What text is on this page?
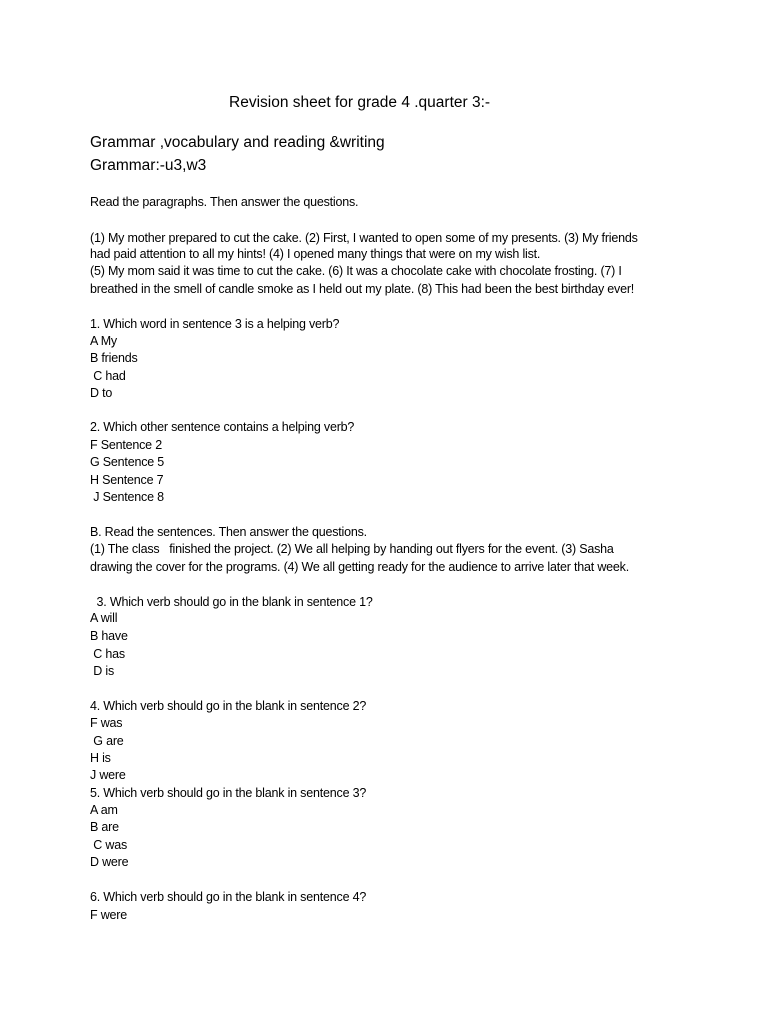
Revision sheet for grade 4 .quarter 3:-
Grammar ,vocabulary and reading &writing
Grammar:-u3,w3
Read the paragraphs. Then answer the questions.
(1) My mother prepared to cut the cake. (2) First, I wanted to open some of my presents. (3) My friends
had paid attention to all my hints! (4) I opened many things that were on my wish list.
(5) My mom said it was time to cut the cake. (6) It was a chocolate cake with chocolate frosting. (7) I
breathed in the smell of candle smoke as I held out my plate. (8) This had been the best birthday ever!
1. Which word in sentence 3 is a helping verb?
A My
B friends
C had
D to
2. Which other sentence contains a helping verb?
F Sentence 2
G Sentence 5
H Sentence 7
J Sentence 8
B. Read the sentences. Then answer the questions.
(1) The class   finished the project. (2) We all helping by handing out flyers for the event. (3) Sasha
drawing the cover for the programs. (4) We all getting ready for the audience to arrive later that week.
3. Which verb should go in the blank in sentence 1?
A will
B have
C has
D is
4. Which verb should go in the blank in sentence 2?
F was
G are
H is
J were
5. Which verb should go in the blank in sentence 3?
A am
B are
C was
D were
6. Which verb should go in the blank in sentence 4?
F were
